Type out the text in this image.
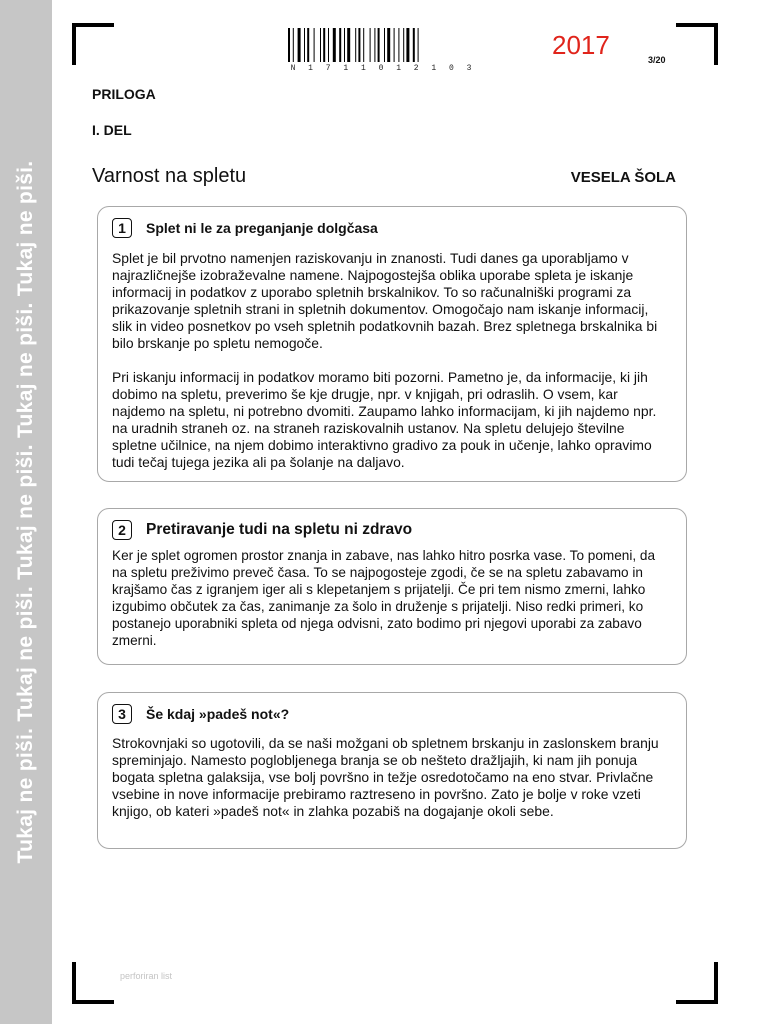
Tukaj ne piši. Tukaj ne piši. Tukaj ne piši. Tukaj ne piši. Tukaj ne piši.
N 1 7 1 1 0 1 2 1 0 3
2017	3/20
PRILOGA
I. DEL
Varnost na spletu	VESELA ŠOLA
1	Splet ni le za preganjanje dolgčasa

Splet je bil prvotno namenjen raziskovanju in znanosti. Tudi danes ga uporabljamo v najrazličnejše izobraževalne namene. Najpogostejša oblika uporabe spleta je iskanje informacij in podatkov z uporabo spletnih brskalnikov. To so računalniški programi za prikazovanje spletnih strani in spletnih dokumentov. Omogočajo nam iskanje informacij, slik in video posnetkov po vseh spletnih podatkovnih bazah. Brez spletnega brskalnika bi bilo brskanje po spletu nemogoče.

Pri iskanju informacij in podatkov moramo biti pozorni. Pametno je, da informacije, ki jih dobimo na spletu, preverimo še kje drugje, npr. v knjigah, pri odraslih. O vsem, kar najdemo na spletu, ni potrebno dvomiti. Zaupamo lahko informacijam, ki jih najdemo npr. na uradnih straneh oz. na straneh raziskovalnih ustanov. Na spletu delujejo številne spletne učilnice, na njem dobimo interaktivno gradivo za pouk in učenje, lahko opravimo tudi tečaj tujega jezika ali pa šolanje na daljavo.

2	Pretiravanje tudi na spletu ni zdravo

Ker je splet ogromen prostor znanja in zabave, nas lahko hitro posrka vase. To pomeni, da na spletu preživimo preveč časa. To se najpogosteje zgodi, če se na spletu zabavamo in krajšamo čas z igranjem iger ali s klepetanjem s prijatelji. Če pri tem nismo zmerni, lahko izgubimo občutek za čas, zanimanje za šolo in druženje s prijatelji. Niso redki primeri, ko postanejo uporabniki spleta od njega odvisni, zato bodimo pri njegovi uporabi za zabavo zmerni.

3	Še kdaj »padeš not«?

Strokovnjaki so ugotovili, da se naši možgani ob spletnem brskanju in zaslonskem branju spreminjajo. Namesto poglobljenega branja se ob nešteto dražljajih, ki nam jih ponuja bogata spletna galaksija, vse bolj površno in težje osredotočamo na eno stvar. Privlačne vsebine in nove informacije prebiramo raztreseno in površno. Zato je bolje v roke vzeti knjigo, ob kateri »padeš not« in zlahka pozabiš na dogajanje okoli sebe.

perforiran list
